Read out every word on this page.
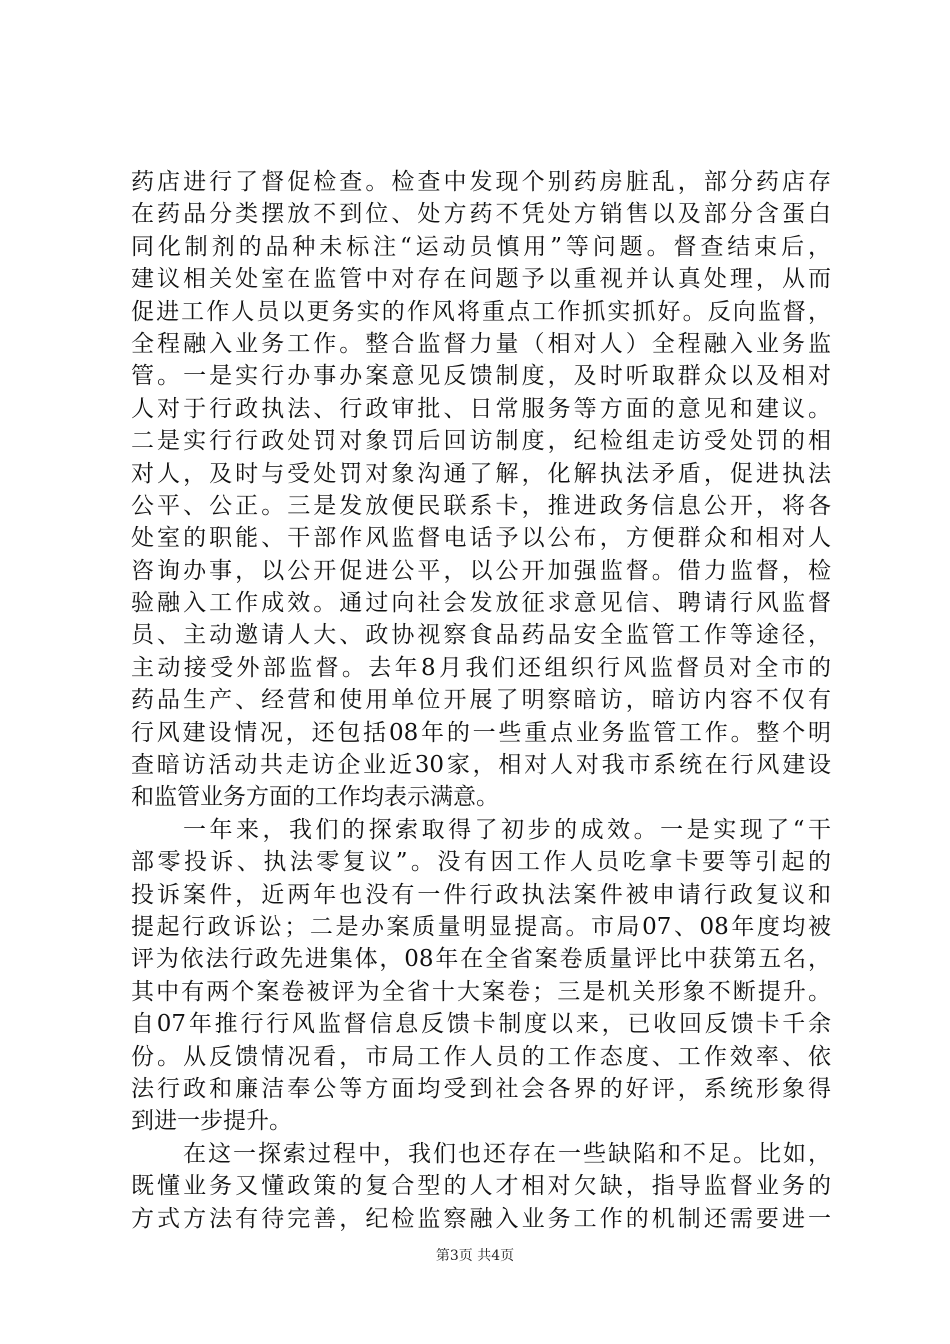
药店进行了督促检查。检查中发现个别药房脏乱，部分药店存
在药品分类摆放不到位、处方药不凭处方销售以及部分含蛋白
同化制剂的品种未标注“运动员慎用”等问题。督查结束后，
建议相关处室在监管中对存在问题予以重视并认真处理，从而
促进工作人员以更务实的作风将重点工作抓实抓好。反向监督，
全程融入业务工作。整合监督力量（相对人）全程融入业务监
管。一是实行办事办案意见反馈制度，及时听取群众以及相对
人对于行政执法、行政审批、日常服务等方面的意见和建议。
二是实行行政处罚对象罚后回访制度，纪检组走访受处罚的相
对人，及时与受处罚对象沟通了解，化解执法矛盾，促进执法
公平、公正。三是发放便民联系卡，推进政务信息公开，将各
处室的职能、干部作风监督电话予以公布，方便群众和相对人
咨询办事，以公开促进公平，以公开加强监督。借力监督，检
验融入工作成效。通过向社会发放征求意见信、聘请行风监督
员、主动邀请人大、政协视察食品药品安全监管工作等途径，
主动接受外部监督。去年8月我们还组织行风监督员对全市的
药品生产、经营和使用单位开展了明察暗访，暗访内容不仅有
行风建设情况，还包括08年的一些重点业务监管工作。整个明
查暗访活动共走访企业近30家，相对人对我市系统在行风建设
和监管业务方面的工作均表示满意。
一年来，我们的探索取得了初步的成效。一是实现了“干
部零投诉、执法零复议”。没有因工作人员吃拿卡要等引起的
投诉案件，近两年也没有一件行政执法案件被申请行政复议和
提起行政诉讼；二是办案质量明显提高。市局07、08年度均被
评为依法行政先进集体，08年在全省案卷质量评比中获第五名，
其中有两个案卷被评为全省十大案卷；三是机关形象不断提升。
自07年推行行风监督信息反馈卡制度以来，已收回反馈卡千余
份。从反馈情况看，市局工作人员的工作态度、工作效率、依
法行政和廉洁奉公等方面均受到社会各界的好评，系统形象得
到进一步提升。
在这一探索过程中，我们也还存在一些缺陷和不足。比如，
既懂业务又懂政策的复合型的人才相对欠缺，指导监督业务的
方式方法有待完善，纪检监察融入业务工作的机制还需要进一
第3页 共4页
